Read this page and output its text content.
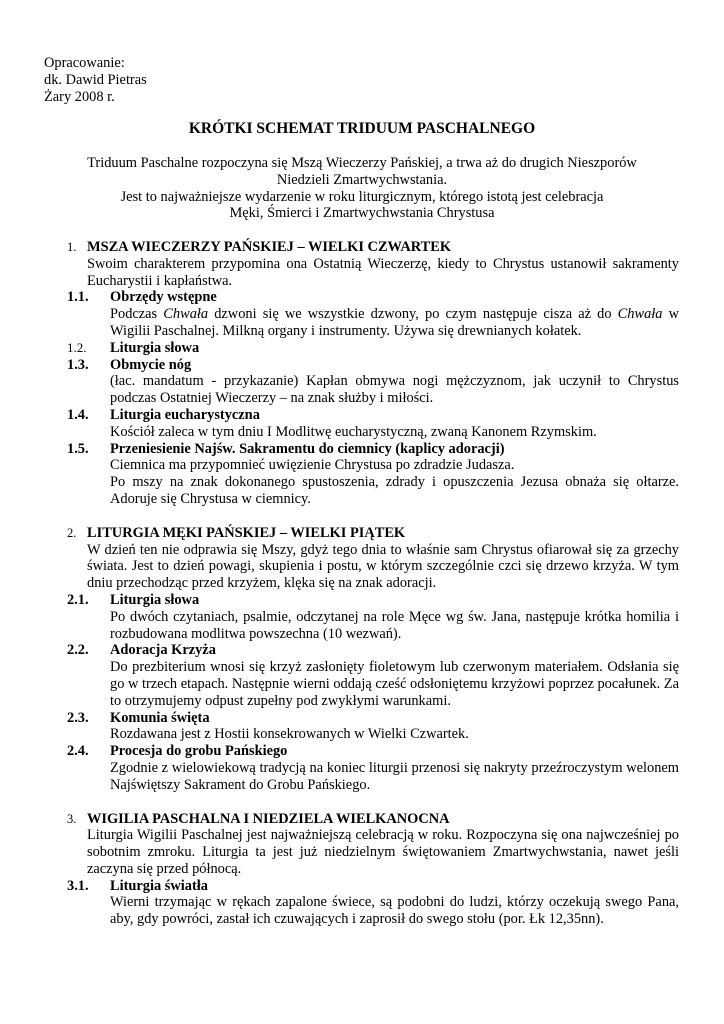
Opracowanie:
dk. Dawid Pietras
Żary 2008 r.
KRÓTKI SCHEMAT TRIDUUM PASCHALNEGO
Triduum Paschalne rozpoczyna się Mszą Wieczerzy Pańskiej, a trwa aż do drugich Nieszporów
Niedzieli Zmartwychwstania.
Jest to najważniejsze wydarzenie w roku liturgicznym, którego istotą jest celebracja
Męki, Śmierci i Zmartwychwstania Chrystusa
1. MSZA WIECZERZY PAŃSKIEJ – WIELKI CZWARTEK
Swoim charakterem przypomina ona Ostatnią Wieczerzę, kiedy to Chrystus ustanowił sakramenty Eucharystii i kapłaństwa.
1.1.	Obrzędy wstępne
Podczas Chwała dzwoni się we wszystkie dzwony, po czym następuje cisza aż do Chwała w Wigilii Paschalnej. Milkną organy i instrumenty. Używa się drewnianych kołatek.
1.2.	Liturgia słowa
1.3.	Obmycie nóg
(łac. mandatum - przykazanie) Kapłan obmywa nogi mężczyznom, jak uczynił to Chrystus podczas Ostatniej Wieczerzy – na znak służby i miłości.
1.4.	Liturgia eucharystyczna
Kościół zaleca w tym dniu I Modlitwę eucharystyczną, zwaną Kanonem Rzymskim.
1.5.	Przeniesienie Najśw. Sakramentu do ciemnicy (kaplicy adoracji)
Ciemnica ma przypomnieć uwięzienie Chrystusa po zdradzie Judasza.
Po mszy na znak dokonanego spustoszenia, zdrady i opuszczenia Jezusa obnaża się ołtarze. Adoruje się Chrystusa w ciemnicy.
2. LITURGIA MĘKI PAŃSKIEJ – WIELKI PIĄTEK
W dzień ten nie odprawia się Mszy, gdyż tego dnia to właśnie sam Chrystus ofiarował się za grzechy świata. Jest to dzień powagi, skupienia i postu, w którym szczególnie czci się drzewo krzyża. W tym dniu przechodząc przed krzyżem, klęka się na znak adoracji.
2.1.	Liturgia słowa
Po dwóch czytaniach, psalmie, odczytanej na role Męce wg św. Jana, następuje krótka homilia i rozbudowana modlitwa powszechna (10 wezwań).
2.2.	Adoracja Krzyża
Do prezbiterium wnosi się krzyż zasłonięty fioletowym lub czerwonym materiałem. Odsłania się go w trzech etapach. Następnie wierni oddają cześć odsłoniętemu krzyżowi poprzez pocałunek. Za to otrzymujemy odpust zupełny pod zwykłymi warunkami.
2.3.	Komunia święta
Rozdawana jest z Hostii konsekrowanych w Wielki Czwartek.
2.4.	Procesja do grobu Pańskiego
Zgodnie z wielowiekową tradycją na koniec liturgii przenosi się nakryty przeźroczystym welonem Najświętszy Sakrament do Grobu Pańskiego.
3. WIGILIA PASCHALNA I NIEDZIELA WIELKANOCNA
Liturgia Wigilii Paschalnej jest najważniejszą celebracją w roku. Rozpoczyna się ona najwcześniej po sobotnim zmroku. Liturgia ta jest już niedzielnym świętowaniem Zmartwychwstania, nawet jeśli zaczyna się przed północą.
3.1.	Liturgia światła
Wierni trzymając w rękach zapalone świece, są podobni do ludzi, którzy oczekują swego Pana, aby, gdy powróci, zastał ich czuwających i zaprosił do swego stołu (por. Łk 12,35nn).
